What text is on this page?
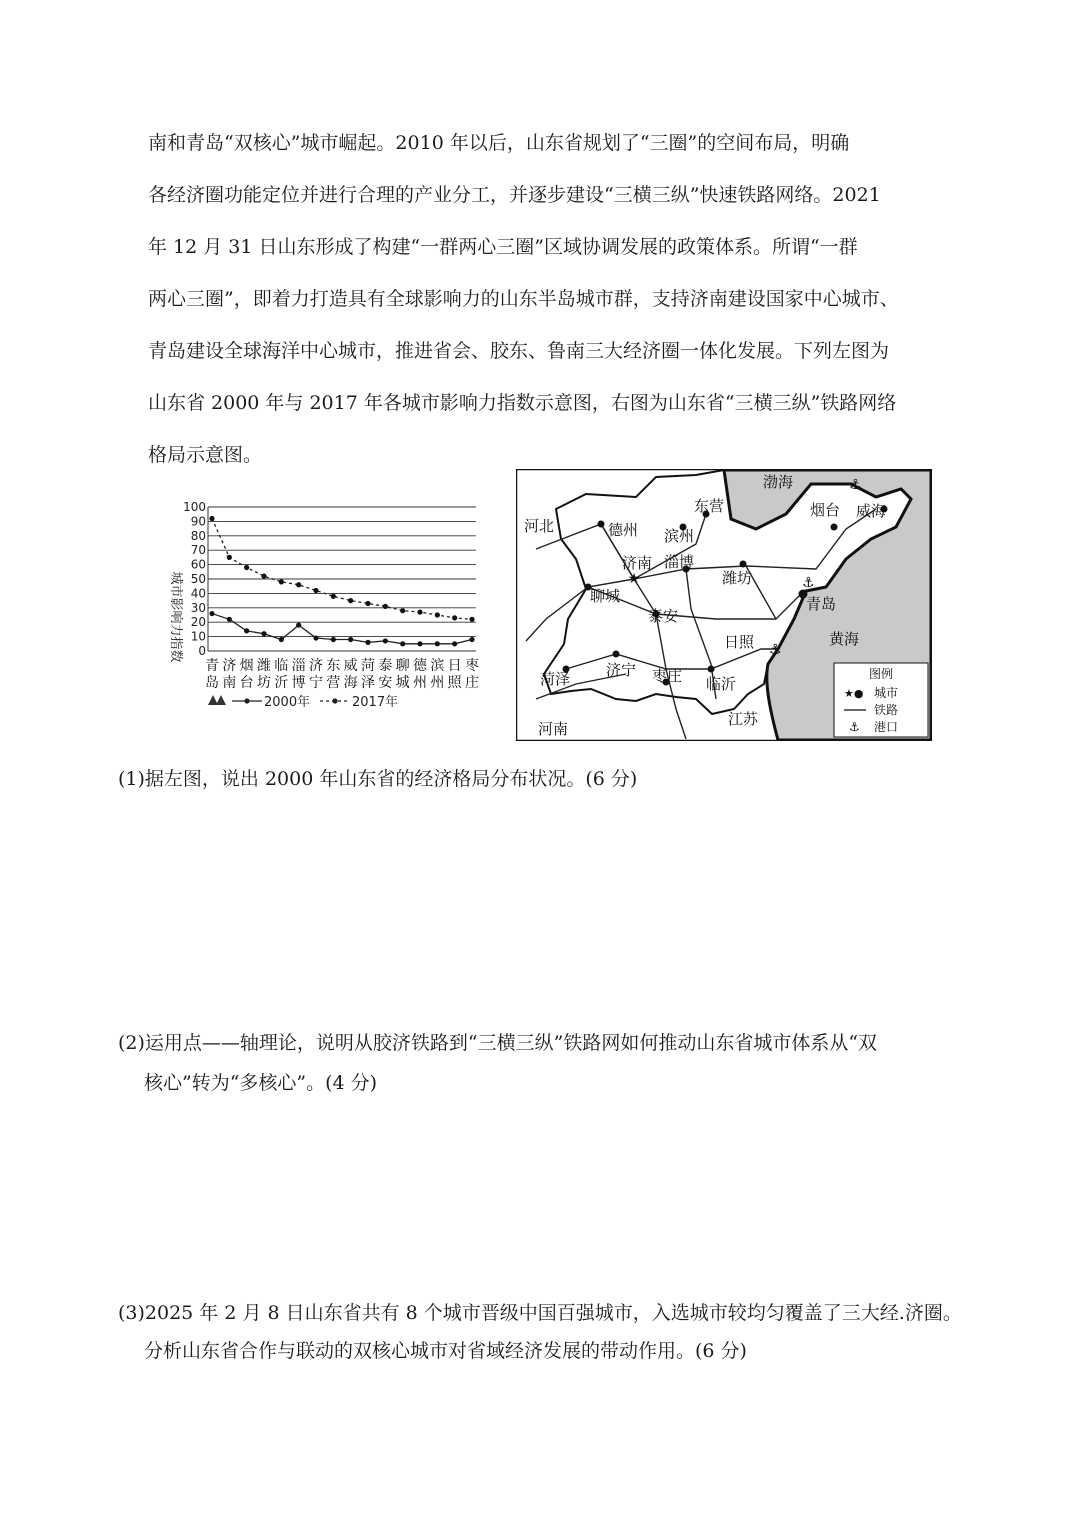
南和青岛“双核心”城市崛起。2010 年以后，山东省规划了“三圈”的空间布局，明确
各经济圈功能定位并进行合理的产业分工，并逐步建设“三横三纵”快速铁路网络。2021
年 12 月 31 日山东形成了构建“一群两心三圈”区域协调发展的政策体系。所谓“一群
两心三圈”，即着力打造具有全球影响力的山东半岛城市群，支持济南建设国家中心城市、
青岛建设全球海洋中心城市，推进省会、胶东、鲁南三大经济圈一体化发展。下列左图为
山东省 2000 年与 2017 年各城市影响力指数示意图，右图为山东省“三横三纵”铁路网络
格局示意图。
0
10
20
30
40
50
60
70
80
90
100
城市影响力指数
青 济 烟 潍 临 淄 济 东 威 菏 泰 聊 德 滨 日 枣
岛 南 台 坊 沂 博 宁 营 海 泽 安 城 州 州 照 庄
2000年	2017年
★
⚓
⚓
⚓
渤海
黄海
河北
河南
江苏
德州
东营
滨州
济南 淄博
潍坊
聊城
泰安
青岛
日照
菏泽 济宁 枣庄 临沂
烟台 威海
图例
★● 城市
铁路
⚓ 港口
(1)据左图，说出 2000 年山东省的经济格局分布状况。(6 分)
(2)运用点——轴理论，说明从胶济铁路到“三横三纵”铁路网如何推动山东省城市体系从“双
核心”转为“多核心”。(4 分)
(3)2025 年 2 月 8 日山东省共有 8 个城市晋级中国百强城市，入选城市较均匀覆盖了三大经.济圈。
分析山东省合作与联动的双核心城市对省域经济发展的带动作用。(6 分)
